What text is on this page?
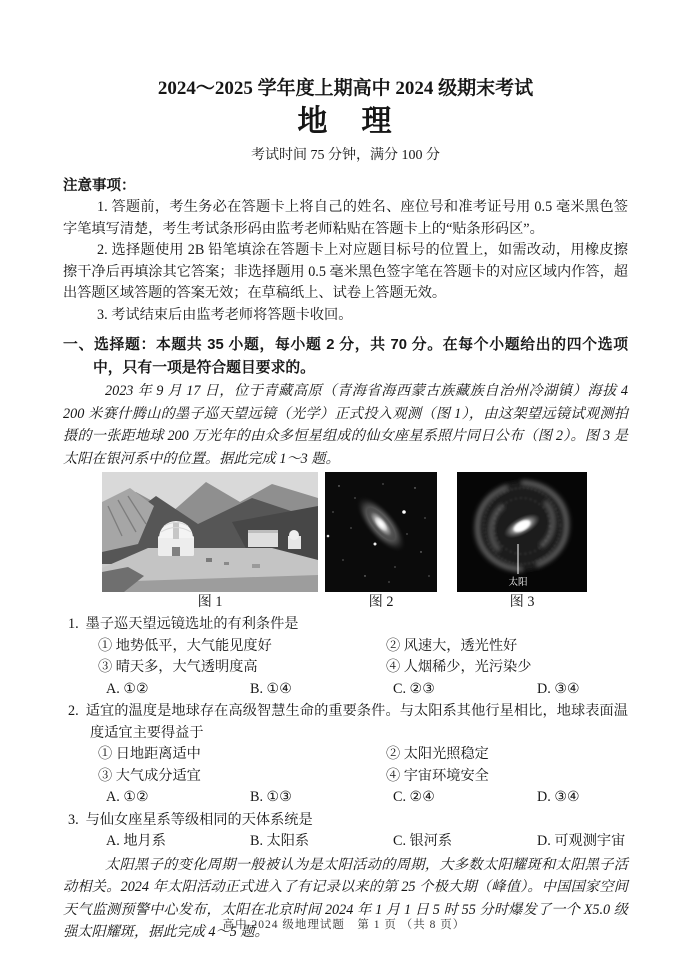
2024～2025 学年度上期高中 2024 级期末考试
地　理

考试时间 75 分钟，满分 100 分

注意事项：

1. 答题前，考生务必在答题卡上将自己的姓名、座位号和准考证号用 0.5 毫米黑色签字笔填写清楚，考生考试条形码由监考老师粘贴在答题卡上的“贴条形码区”。

2. 选择题使用 2B 铅笔填涂在答题卡上对应题目标号的位置上，如需改动，用橡皮擦擦干净后再填涂其它答案；非选择题用 0.5 毫米黑色签字笔在答题卡的对应区域内作答，超出答题区域答题的答案无效；在草稿纸上、试卷上答题无效。

3. 考试结束后由监考老师将答题卡收回。

一、选择题：本题共 35 小题，每小题 2 分，共 70 分。在每个小题给出的四个选项中，只有一项是符合题目要求的。

2023 年 9 月 17 日，位于青藏高原（青海省海西蒙古族藏族自治州冷湖镇）海拔 4 200 米赛什腾山的墨子巡天望远镜（光学）正式投入观测（图 1），由这架望远镜试观测拍摄的一张距地球 200 万光年的由众多恒星组成的仙女座星系照片同日公布（图 2）。图 3 是太阳在银河系中的位置。据此完成 1～3 题。

图 1	图 2
太阳
图 3

1. 墨子巡天望远镜选址的有利条件是

① 地势低平，大气能见度好	② 风速大，透光性好
③ 晴天多，大气透明度高	④ 人烟稀少，光污染少
A. ①②	B. ①④	C. ②③	D. ③④

2. 适宜的温度是地球存在高级智慧生命的重要条件。与太阳系其他行星相比，地球表面温度适宜主要得益于

① 日地距离适中	② 太阳光照稳定
③ 大气成分适宜	④ 宇宙环境安全
A. ①②	B. ①③	C. ②④	D. ③④

3. 与仙女座星系等级相同的天体系统是

A. 地月系	B. 太阳系	C. 银河系	D. 可观测宇宙

太阳黑子的变化周期一般被认为是太阳活动的周期，大多数太阳耀斑和太阳黑子活动相关。2024 年太阳活动正式进入了有记录以来的第 25 个极大期（峰值）。中国国家空间天气监测预警中心发布，太阳在北京时间 2024 年 1 月 1 日 5 时 55 分时爆发了一个 X5.0 级强太阳耀斑，据此完成 4～5 题。

高中 2024 级地理试题　第 1 页 （共 8 页）
